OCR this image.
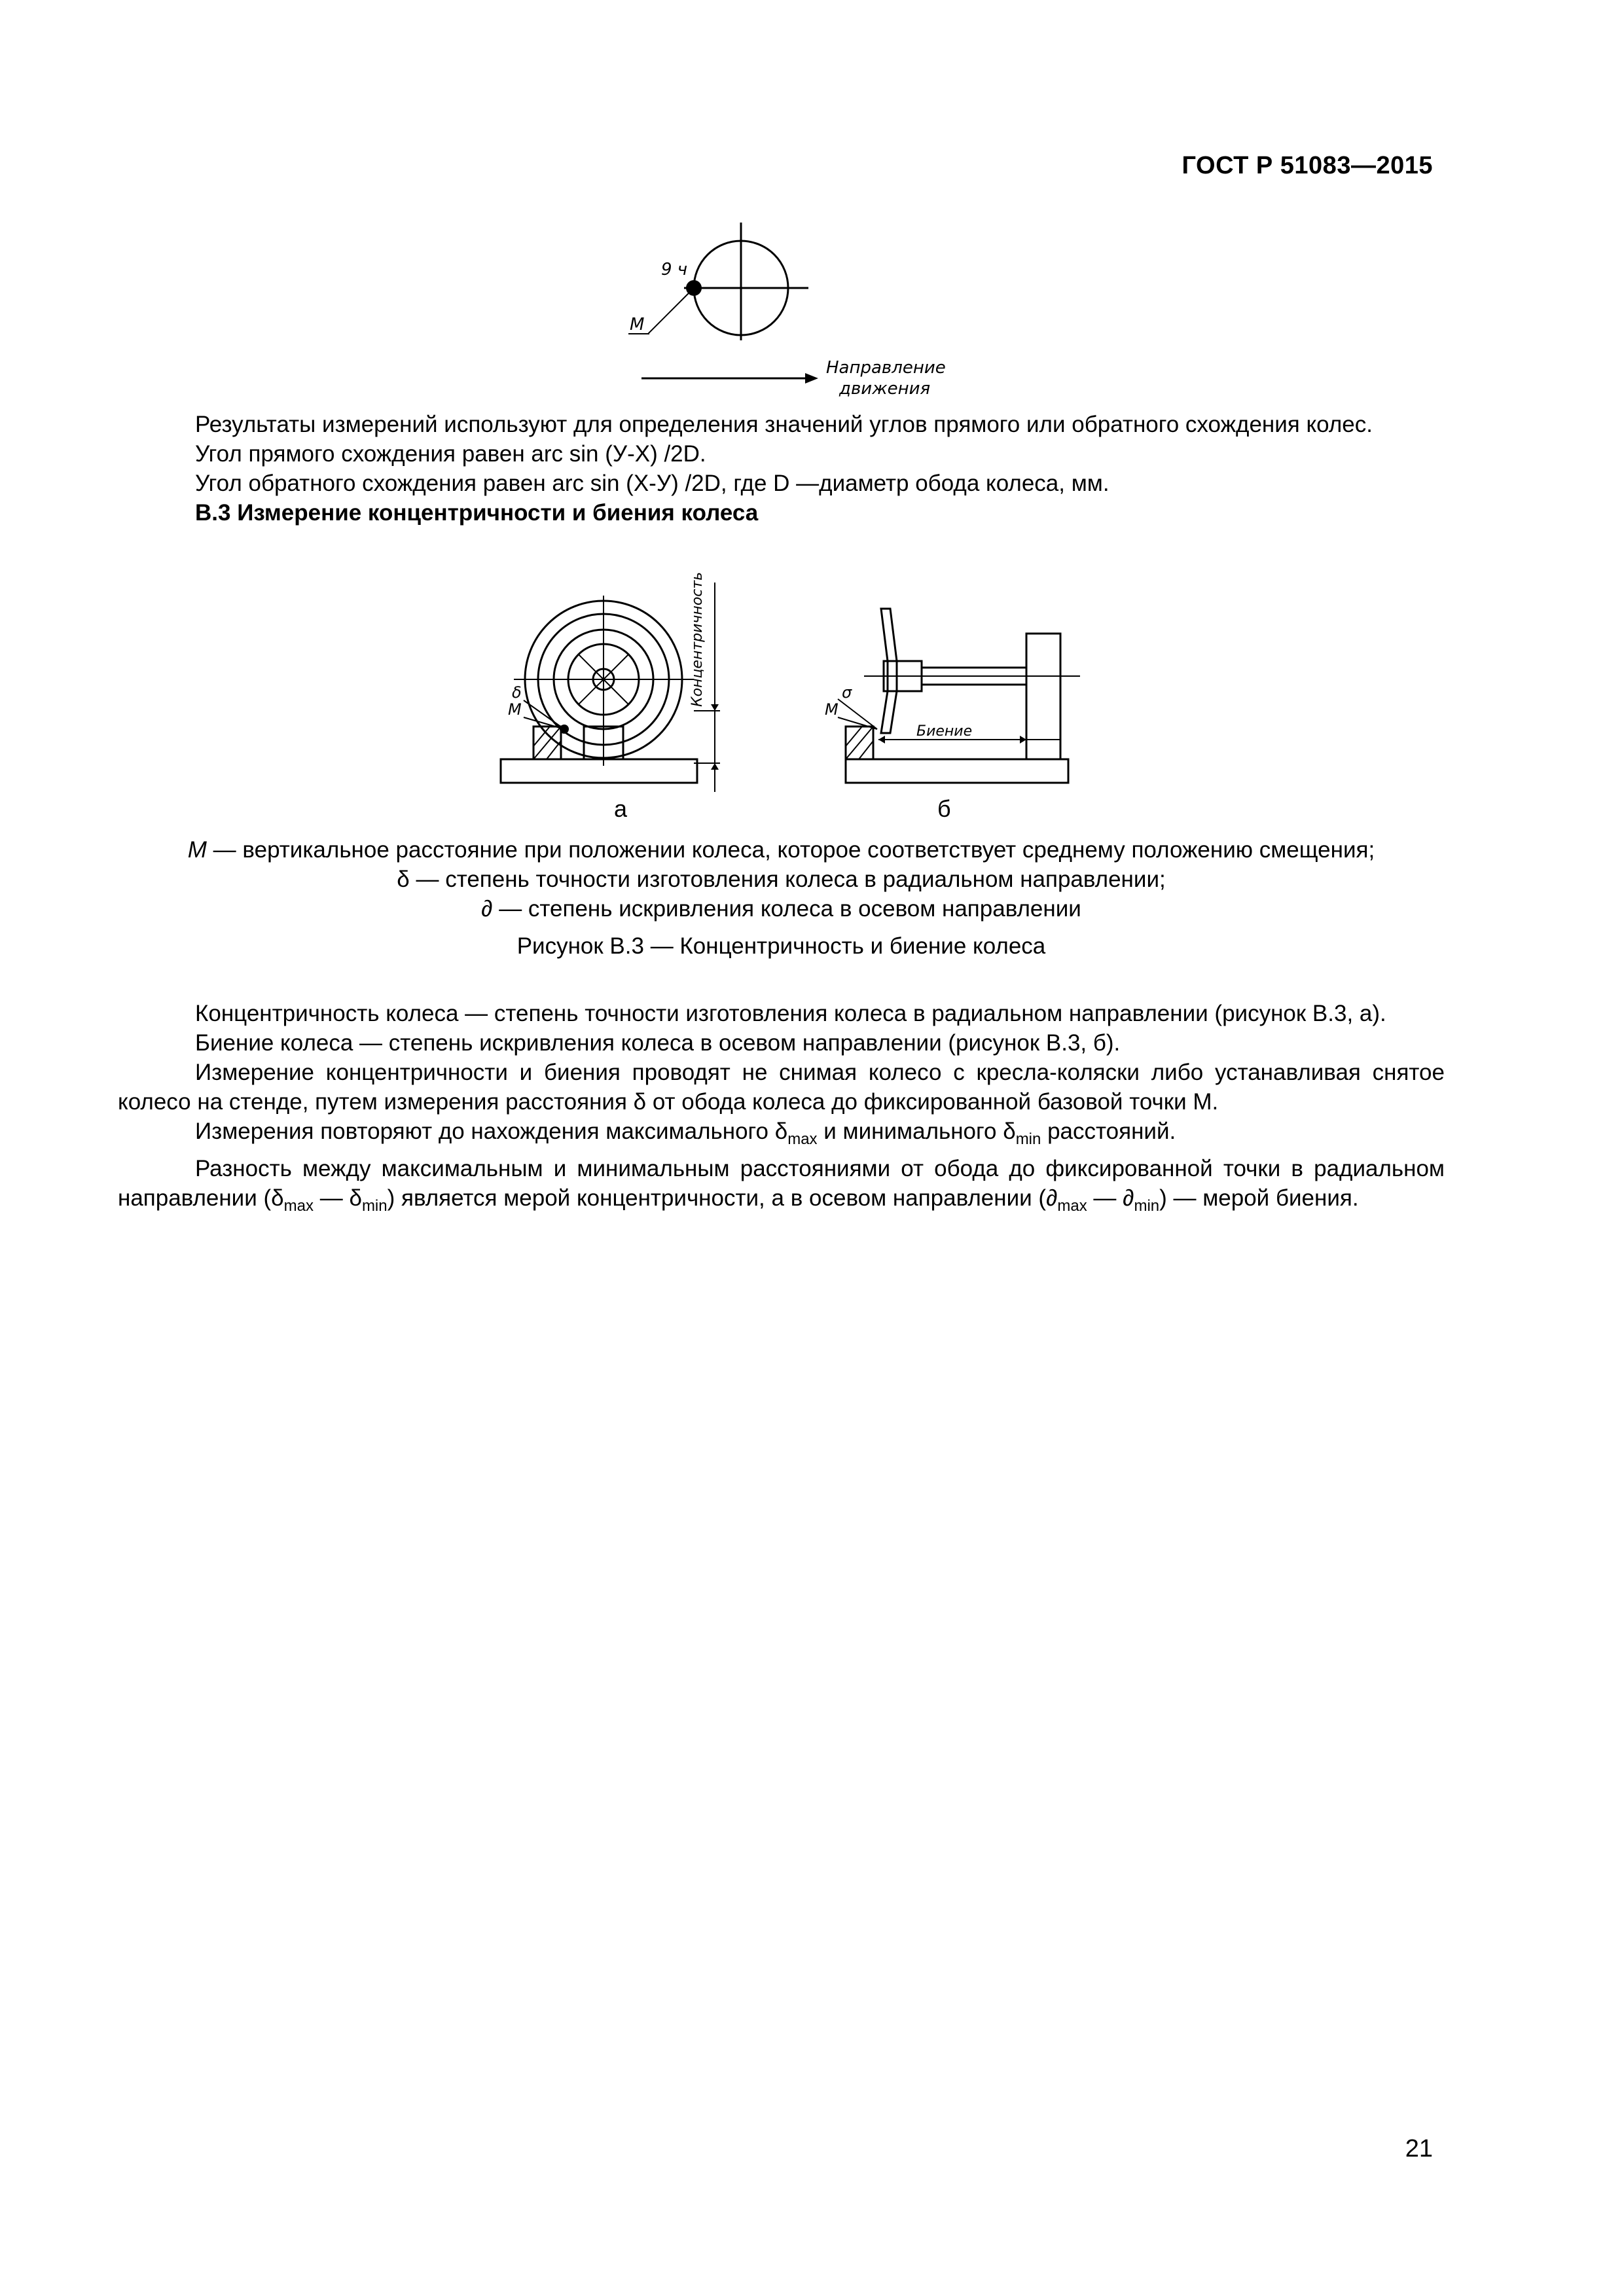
ГОСТ Р 51083—2015
9 ч
М
Направление
движения

Результаты измерений используют для определения значений углов прямого или обратного схождения колес.

Угол прямого схождения равен arc sin (У-Х) /2D.

Угол обратного схождения равен arc sin (Х-У) /2D, где D —диаметр обода колеса, мм.

В.3 Измерение концентричности и биения колеса

δ
М
Концентричность
Биение
σ
М
а	б
М — вертикальное расстояние при положении колеса, которое соответствует среднему положению смещения;
δ — степень точности изготовления колеса в радиальном направлении;
∂ — степень искривления колеса в осевом направлении
Рисунок В.3 — Концентричность и биение колеса

Концентричность колеса — степень точности изготовления колеса в радиальном направлении (рисунок В.3, а).

Биение колеса — степень искривления колеса в осевом направлении (рисунок В.3, б).

Измерение концентричности и биения проводят не снимая колесо с кресла-коляски либо устанавливая снятое колесо на стенде, путем измерения расстояния δ от обода колеса до фиксированной базовой точки М.

Измерения повторяют до нахождения максимального $\delta_{max}$ и минимального $\delta_{min}$ расстояний.

Разность между максимальным и минимальным расстояниями от обода до фиксированной точки в радиальном направлении ($\delta_{max}$ — $\delta_{min}$) является мерой концентричности, а в осевом направлении ($\partial_{max}$ — $\partial_{min}$) — мерой биения.

21
